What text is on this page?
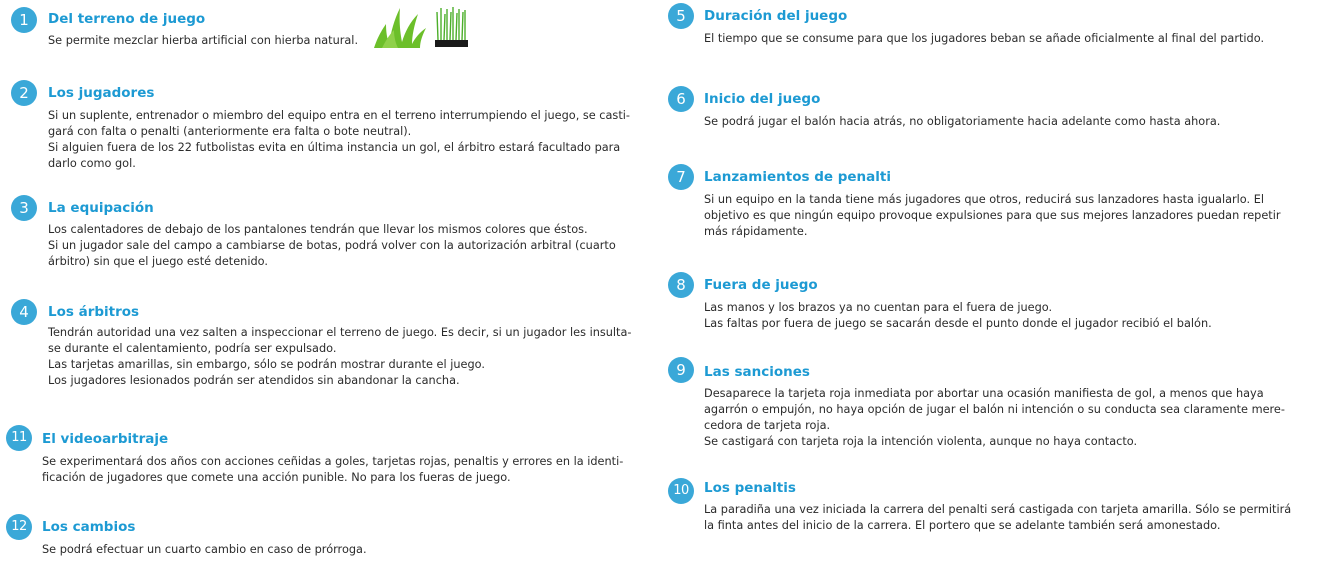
1	Del terreno de juego
Se permite mezclar hierba artificial con hierba natural.
2	Los jugadores
Si un suplente, entrenador o miembro del equipo entra en el terreno interrumpiendo el juego, se casti-
gará con falta o penalti (anteriormente era falta o bote neutral).
Si alguien fuera de los 22 futbolistas evita en última instancia un gol, el árbitro estará facultado para
darlo como gol.
3	La equipación
Los calentadores de debajo de los pantalones tendrán que llevar los mismos colores que éstos.
Si un jugador sale del campo a cambiarse de botas, podrá volver con la autorización arbitral (cuarto
árbitro) sin que el juego esté detenido.
4	Los árbitros
Tendrán autoridad una vez salten a inspeccionar el terreno de juego. Es decir, si un jugador les insulta-
se durante el calentamiento, podría ser expulsado.
Las tarjetas amarillas, sin embargo, sólo se podrán mostrar durante el juego.
Los jugadores lesionados podrán ser atendidos sin abandonar la cancha.
11	El videoarbitraje
Se experimentará dos años con acciones ceñidas a goles, tarjetas rojas, penaltis y errores en la identi-
ficación de jugadores que comete una acción punible. No para los fueras de juego.
12	Los cambios
Se podrá efectuar un cuarto cambio en caso de prórroga.
5	Duración del juego
El tiempo que se consume para que los jugadores beban se añade oficialmente al final del partido.
6	Inicio del juego
Se podrá jugar el balón hacia atrás, no obligatoriamente hacia adelante como hasta ahora.
7	Lanzamientos de penalti
Si un equipo en la tanda tiene más jugadores que otros, reducirá sus lanzadores hasta igualarlo. El
objetivo es que ningún equipo provoque expulsiones para que sus mejores lanzadores puedan repetir
más rápidamente.
8	Fuera de juego
Las manos y los brazos ya no cuentan para el fuera de juego.
Las faltas por fuera de juego se sacarán desde el punto donde el jugador recibió el balón.
9	Las sanciones
Desaparece la tarjeta roja inmediata por abortar una ocasión manifiesta de gol, a menos que haya
agarrón o empujón, no haya opción de jugar el balón ni intención o su conducta sea claramente mere-
cedora de tarjeta roja.
Se castigará con tarjeta roja la intención violenta, aunque no haya contacto.
10	Los penaltis
La paradiña una vez iniciada la carrera del penalti será castigada con tarjeta amarilla. Sólo se permitirá
la finta antes del inicio de la carrera. El portero que se adelante también será amonestado.
